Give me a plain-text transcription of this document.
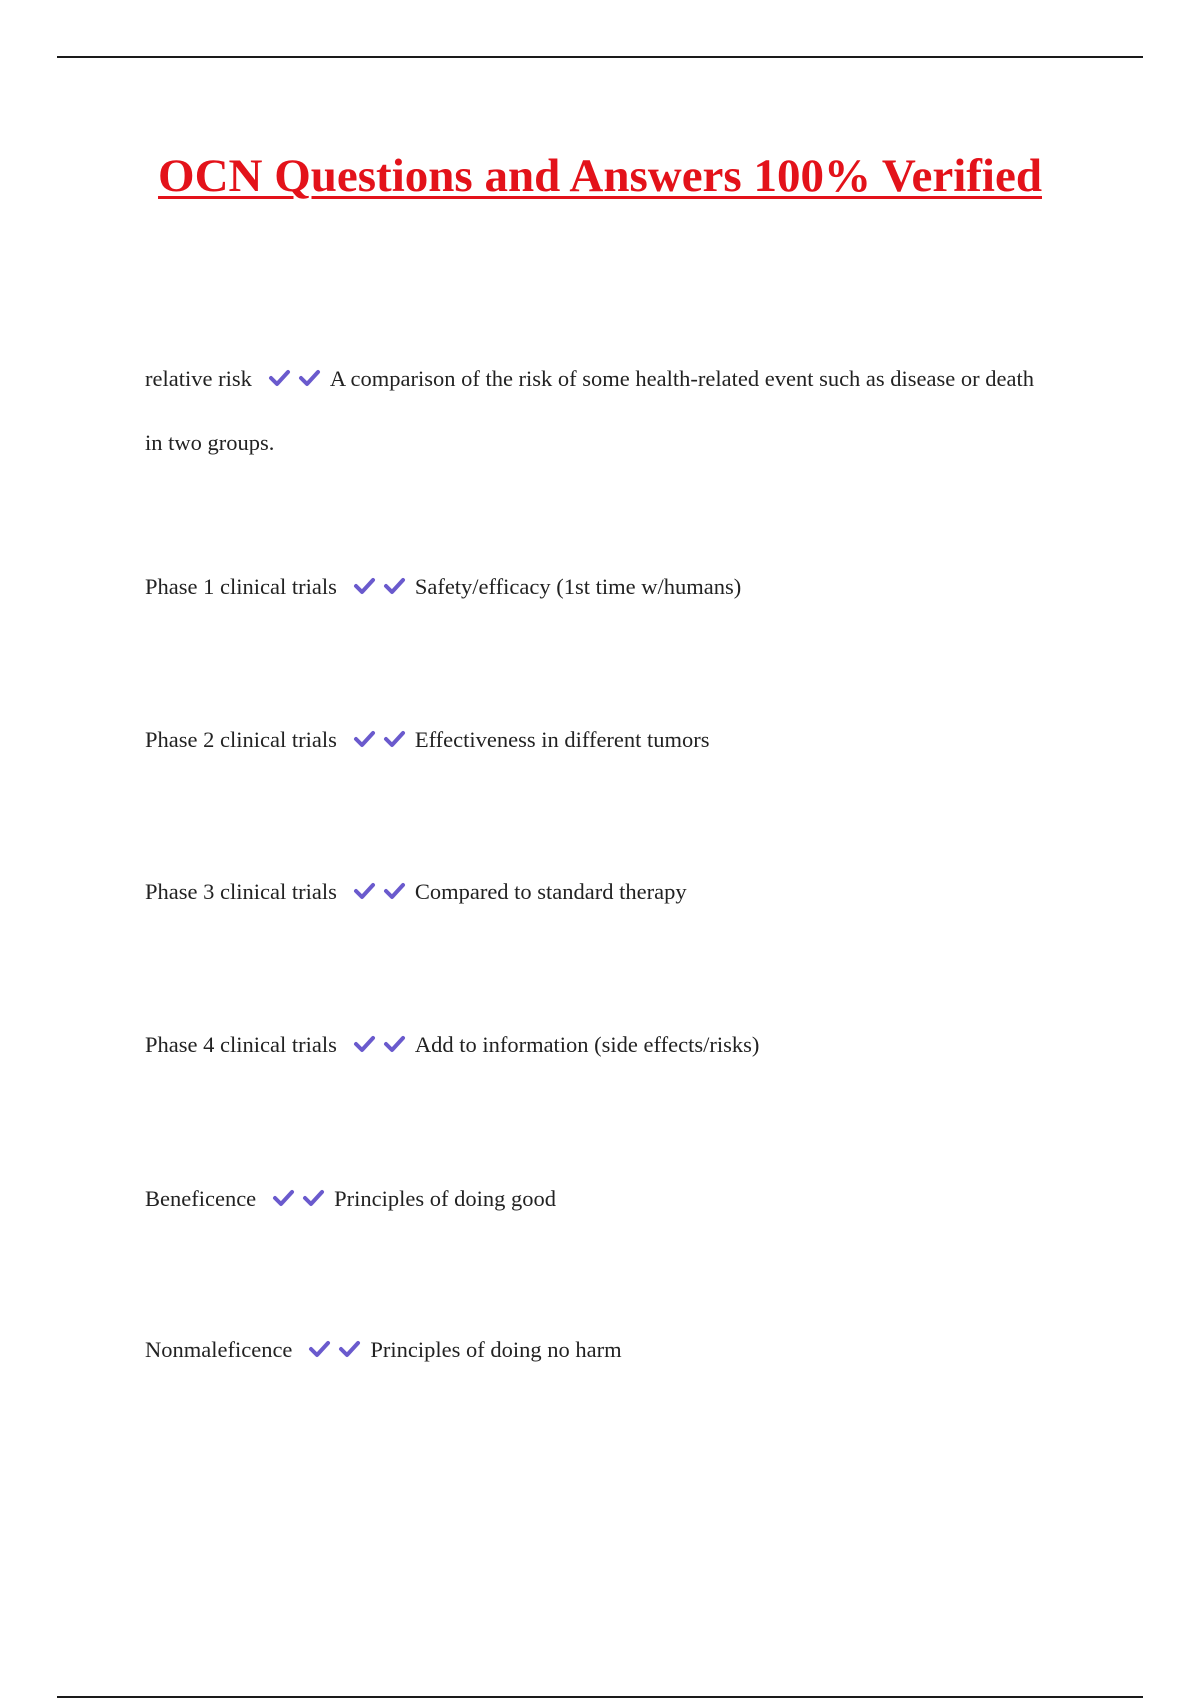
OCN Questions and Answers 100% Verified
relative risk	A comparison of the risk of some health-related event such as disease or death in two groups.
Phase 1 clinical trials	Safety/efficacy (1st time w/humans)
Phase 2 clinical trials	Effectiveness in different tumors
Phase 3 clinical trials	Compared to standard therapy
Phase 4 clinical trials	Add to information (side effects/risks)
Beneficence	Principles of doing good
Nonmaleficence	Principles of doing no harm
